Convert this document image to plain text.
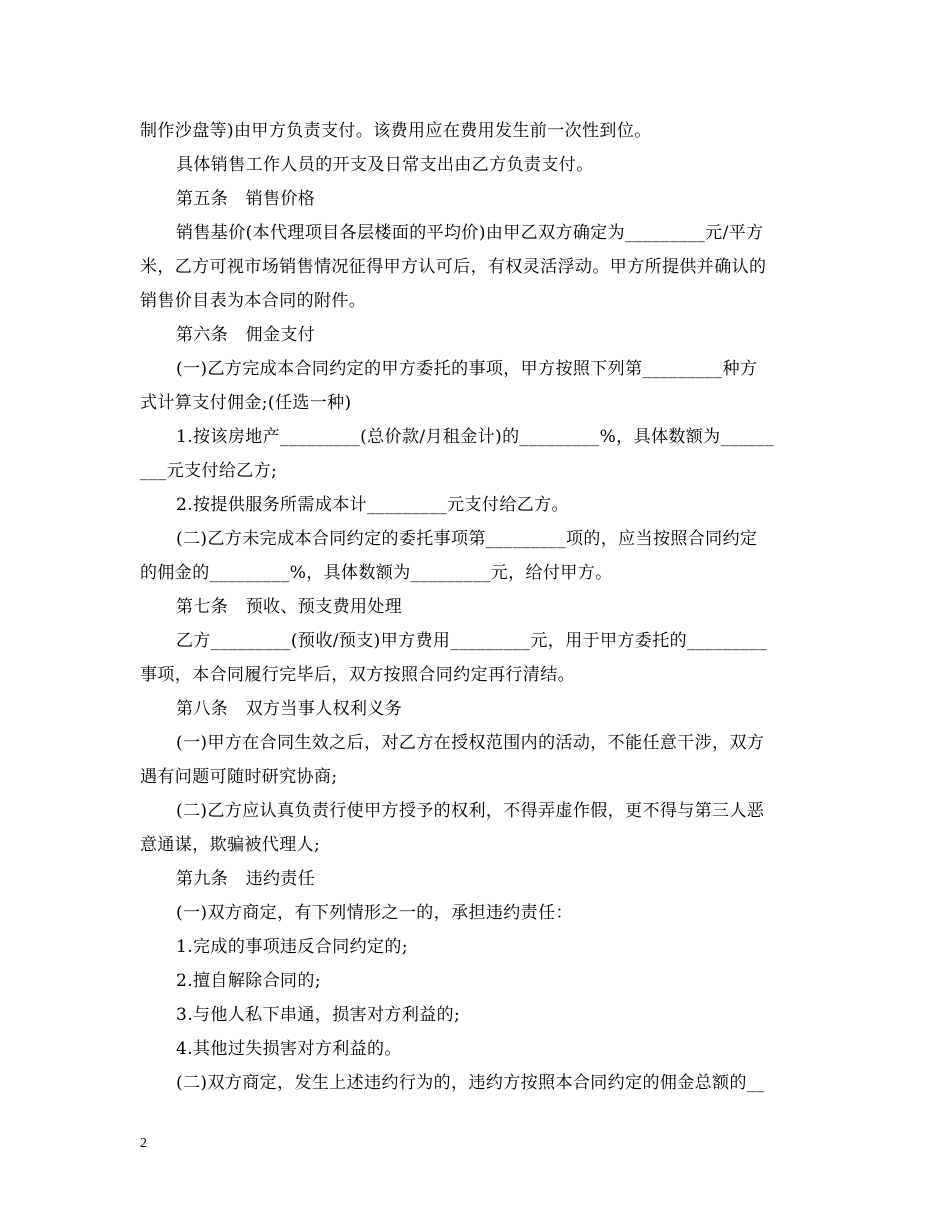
制作沙盘等)由甲方负责支付。该费用应在费用发生前一次性到位。
具体销售工作人员的开支及日常支出由乙方负责支付。
第五条　销售价格
销售基价(本代理项目各层楼面的平均价)由甲乙双方确定为_________元/平方
米，乙方可视市场销售情况征得甲方认可后，有权灵活浮动。甲方所提供并确认的
销售价目表为本合同的附件。
第六条　佣金支付
(一)乙方完成本合同约定的甲方委托的事项，甲方按照下列第_________种方
式计算支付佣金;(任选一种)
1.按该房地产_________(总价款/月租金计)的_________%，具体数额为______
___元支付给乙方;
2.按提供服务所需成本计_________元支付给乙方。
(二)乙方未完成本合同约定的委托事项第_________项的，应当按照合同约定
的佣金的_________%，具体数额为_________元，给付甲方。
第七条　预收、预支费用处理
乙方_________(预收/预支)甲方费用_________元，用于甲方委托的_________
事项，本合同履行完毕后，双方按照合同约定再行清结。
第八条　双方当事人权利义务
(一)甲方在合同生效之后，对乙方在授权范围内的活动，不能任意干涉，双方
遇有问题可随时研究协商;
(二)乙方应认真负责行使甲方授予的权利，不得弄虚作假，更不得与第三人恶
意通谋，欺骗被代理人;
第九条　违约责任
(一)双方商定，有下列情形之一的，承担违约责任：
1.完成的事项违反合同约定的;
2.擅自解除合同的;
3.与他人私下串通，损害对方利益的;
4.其他过失损害对方利益的。
(二)双方商定，发生上述违约行为的，违约方按照本合同约定的佣金总额的__
2
